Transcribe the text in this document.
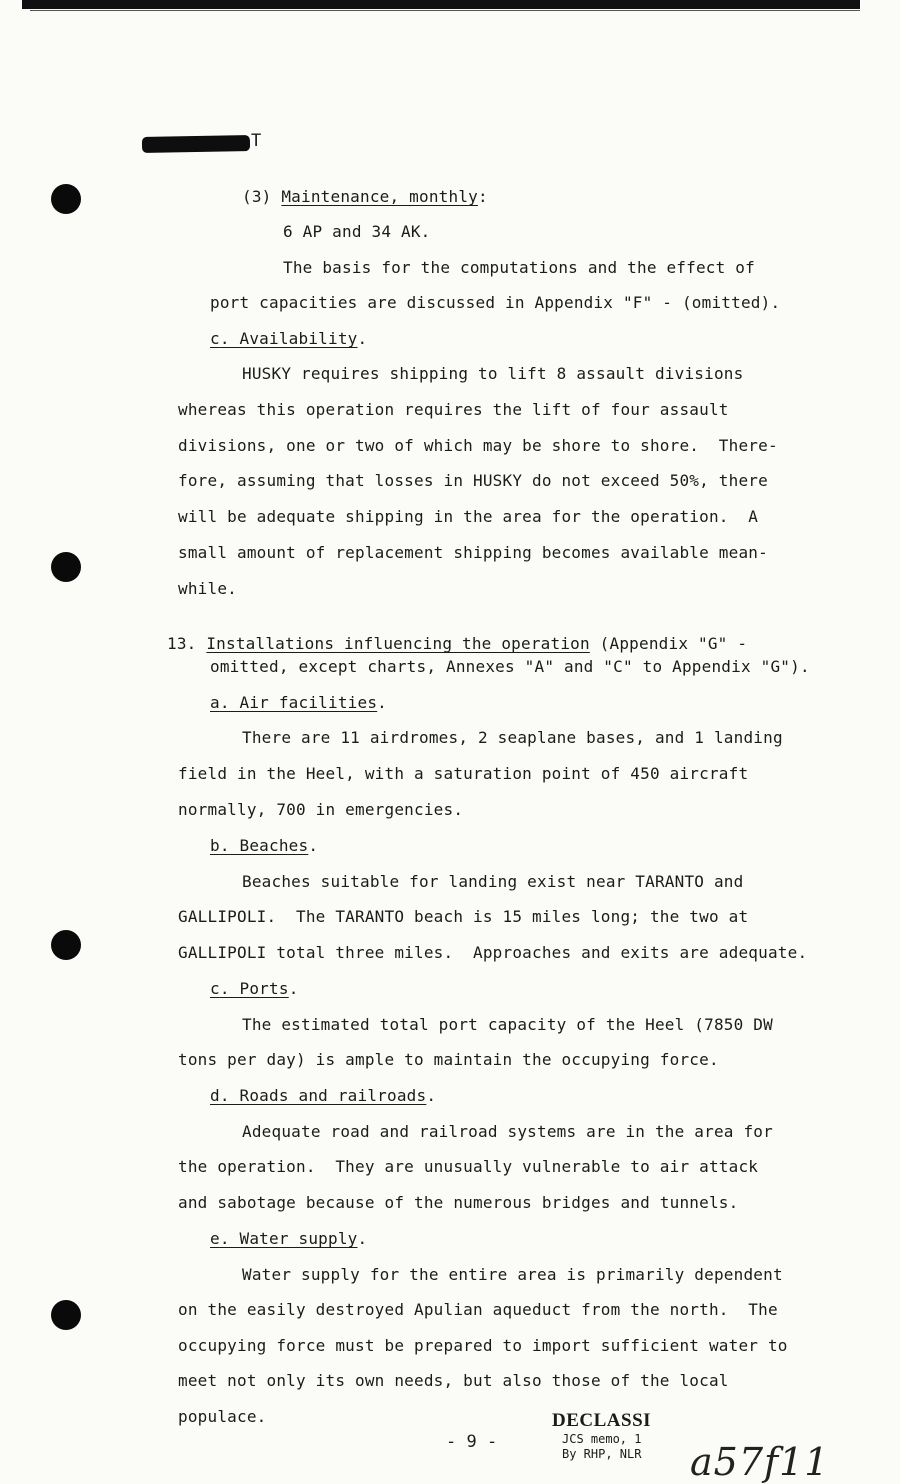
T
(3) Maintenance, monthly:
6 AP and 34 AK.
The basis for the computations and the effect of
port capacities are discussed in Appendix "F" - (omitted).
c. Availability.
HUSKY requires shipping to lift 8 assault divisions
whereas this operation requires the lift of four assault
divisions, one or two of which may be shore to shore.  There-
fore, assuming that losses in HUSKY do not exceed 50%, there
will be adequate shipping in the area for the operation.  A
small amount of replacement shipping becomes available mean-
while.
13. Installations influencing the operation (Appendix "G" -
omitted, except charts, Annexes "A" and "C" to Appendix "G").
a. Air facilities.
There are 11 airdromes, 2 seaplane bases, and 1 landing
field in the Heel, with a saturation point of 450 aircraft
normally, 700 in emergencies.
b. Beaches.
Beaches suitable for landing exist near TARANTO and
GALLIPOLI.  The TARANTO beach is 15 miles long; the two at
GALLIPOLI total three miles.  Approaches and exits are adequate.
c. Ports.
The estimated total port capacity of the Heel (7850 DW
tons per day) is ample to maintain the occupying force.
d. Roads and railroads.
Adequate road and railroad systems are in the area for
the operation.  They are unusually vulnerable to air attack
and sabotage because of the numerous bridges and tunnels.
e. Water supply.
Water supply for the entire area is primarily dependent
on the easily destroyed Apulian aqueduct from the north.  The
occupying force must be prepared to import sufficient water to
meet not only its own needs, but also those of the local
populace.
- 9 -
DECLASSI
JCS memo, 1
By RHP, NLR a57f11
